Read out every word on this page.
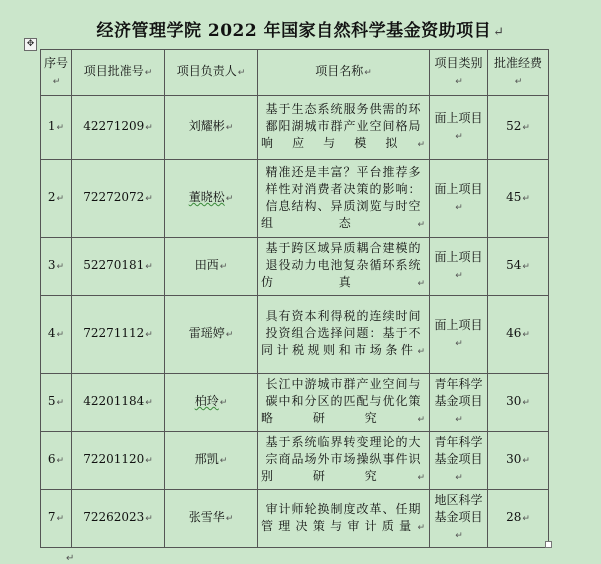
经济管理学院 2022 年国家自然科学基金资助项目 ↵
✥
序号↵	项目批准号↵	项目负责人↵	项目名称↵	项目类别↵	批准经费↵
1↵	42271209↵	刘耀彬↵	基于生态系统服务供需的环鄱阳湖城市群产业空间格局响应与模拟↵	面上项目↵	52↵
2↵	72272072↵	董晓松↵	精准还是丰富？平台推荐多样性对消费者决策的影响：信息结构、异质浏览与时空组态↵	面上项目↵	45↵
3↵	52270181↵	田西↵	基于跨区域异质耦合建模的退役动力电池复杂循环系统仿真↵	面上项目↵	54↵
4↵	72271112↵	雷瑶婷↵	具有资本利得税的连续时间投资组合选择问题：基于不同计税规则和市场条件↵	面上项目↵	46↵
5↵	42201184↵	柏玲↵	长江中游城市群产业空间与碳中和分区的匹配与优化策略研究↵	青年科学基金项目↵	30↵
6↵	72201120↵	邢凯↵	基于系统临界转变理论的大宗商品场外市场操纵事件识别研究↵	青年科学基金项目↵	30↵
7↵	72262023↵	张雪华↵	审计师轮换制度改革、任期管理决策与审计质量↵	地区科学基金项目↵	28↵
↵
